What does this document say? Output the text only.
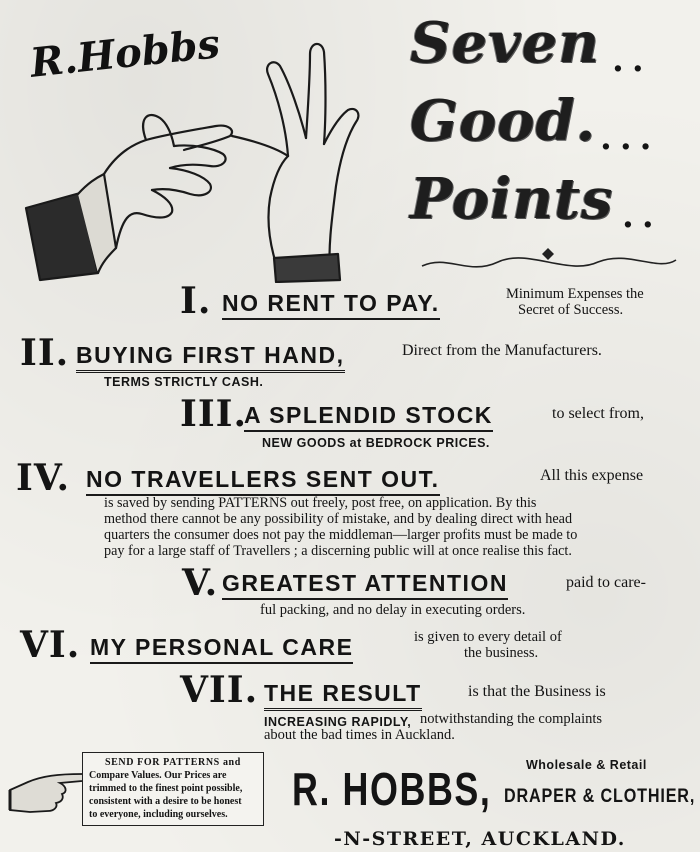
R.Hobbs	Seven ..
Good. ...
Points ..
I. NO RENT TO PAY.	Minimum Expenses the
Secret of Success.
II. BUYING FIRST HAND,	Direct from the Manufacturers.
TERMS STRICTLY CASH.
III.
A SPLENDID STOCK	to select from,
NEW GOODS at BEDROCK PRICES.
IV. NO TRAVELLERS SENT OUT.	All this expense
is saved by sending PATTERNS out freely, post free, on application. By this
method there cannot be any possibility of mistake, and by dealing direct with head
quarters the consumer does not pay the middleman—larger profits must be made to
pay for a large staff of Travellers ; a discerning public will at once realise this fact.
V. GREATEST ATTENTION	paid to care-
ful packing, and no delay in executing orders.
VI. MY PERSONAL CARE	is given to every detail of
the business.
VII. THE RESULT	is that the Business is
INCREASING RAPIDLY, notwithstanding the complaints
about the bad times in Auckland.
SEND FOR PATTERNS and
Compare Values. Our Prices are
trimmed to the finest point possible,
consistent with a desire to be honest
to everyone, including ourselves.
Wholesale & Retail
R. HOBBS, DRAPER & CLOTHIER,
-N-STREET, AUCKLAND.
